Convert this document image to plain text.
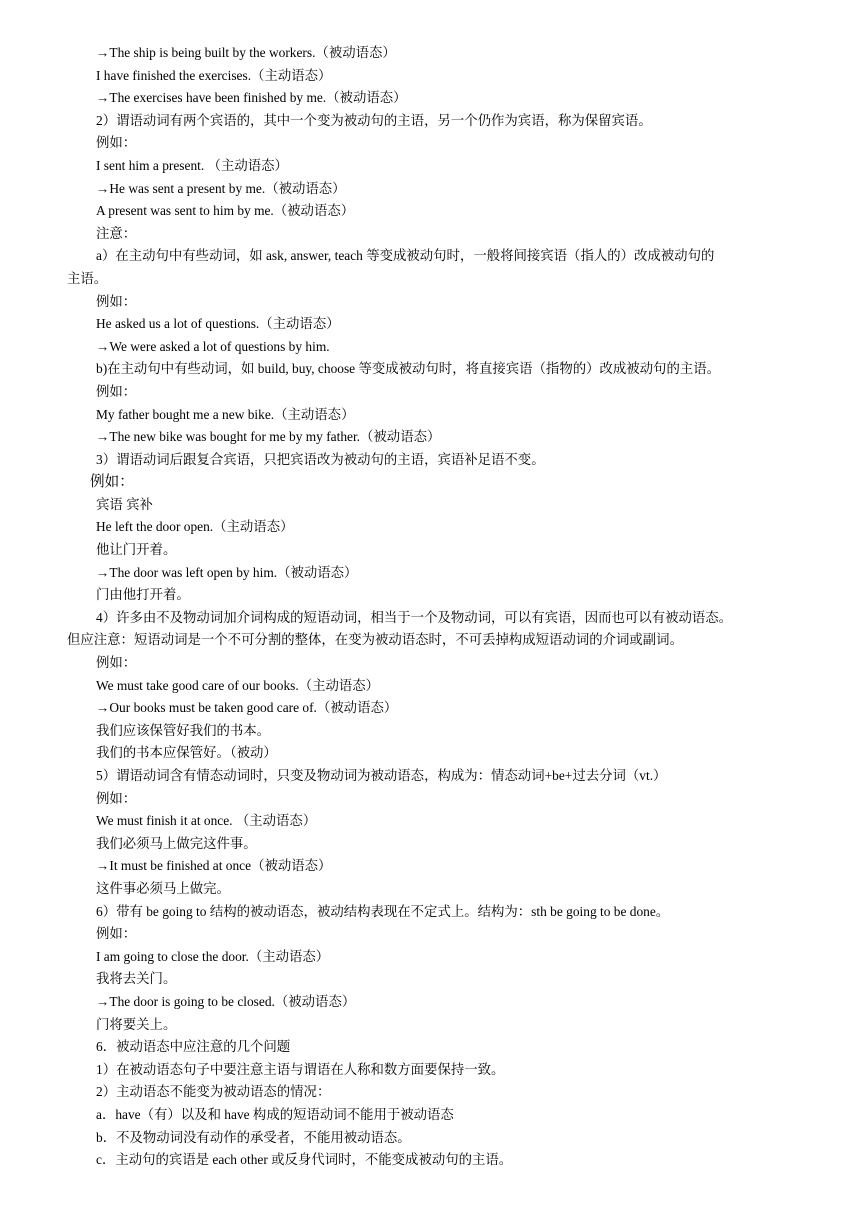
→The ship is being built by the workers.（被动语态）
I have finished the exercises.（主动语态）
→The exercises have been finished by me.（被动语态）
2）谓语动词有两个宾语的，其中一个变为被动句的主语，另一个仍作为宾语，称为保留宾语。
例如：
I sent him a present. （主动语态）
→He was sent a present by me.（被动语态）
A present was sent to him by me.（被动语态）
注意：
a）在主动句中有些动词，如 ask, answer, teach 等变成被动句时，一般将间接宾语（指人的）改成被动句的
主语。
例如：
He asked us a lot of questions.（主动语态）
→We were asked a lot of questions by him.
b)在主动句中有些动词，如 build, buy, choose 等变成被动句时，将直接宾语（指物的）改成被动句的主语。
例如：
My father bought me a new bike.（主动语态）
→The new bike was bought for me by my father.（被动语态）
3）谓语动词后跟复合宾语，只把宾语改为被动句的主语，宾语补足语不变。
例如：
宾语 宾补
He left the door open.（主动语态）
他让门开着。
→The door was left open by him.（被动语态）
门由他打开着。
4）许多由不及物动词加介词构成的短语动词，相当于一个及物动词，可以有宾语，因而也可以有被动语态。
但应注意：短语动词是一个不可分割的整体，在变为被动语态时，不可丢掉构成短语动词的介词或副词。
例如：
We must take good care of our books.（主动语态）
→Our books must be taken good care of.（被动语态）
我们应该保管好我们的书本。
我们的书本应保管好。（被动）
5）谓语动词含有情态动词时，只变及物动词为被动语态，构成为：情态动词+be+过去分词（vt.）
例如：
We must finish it at once. （主动语态）
我们必须马上做完这件事。
→It must be finished at once（被动语态）
这件事必须马上做完。
6）带有 be going to 结构的被动语态，被动结构表现在不定式上。结构为：sth be going to be done。
例如：
I am going to close the door.（主动语态）
我将去关门。
→The door is going to be closed.（被动语态）
门将要关上。
6．被动语态中应注意的几个问题
1）在被动语态句子中要注意主语与谓语在人称和数方面要保持一致。
2）主动语态不能变为被动语态的情况：
a．have（有）以及和 have 构成的短语动词不能用于被动语态
b．不及物动词没有动作的承受者，不能用被动语态。
c．主动句的宾语是 each other 或反身代词时，不能变成被动句的主语。
